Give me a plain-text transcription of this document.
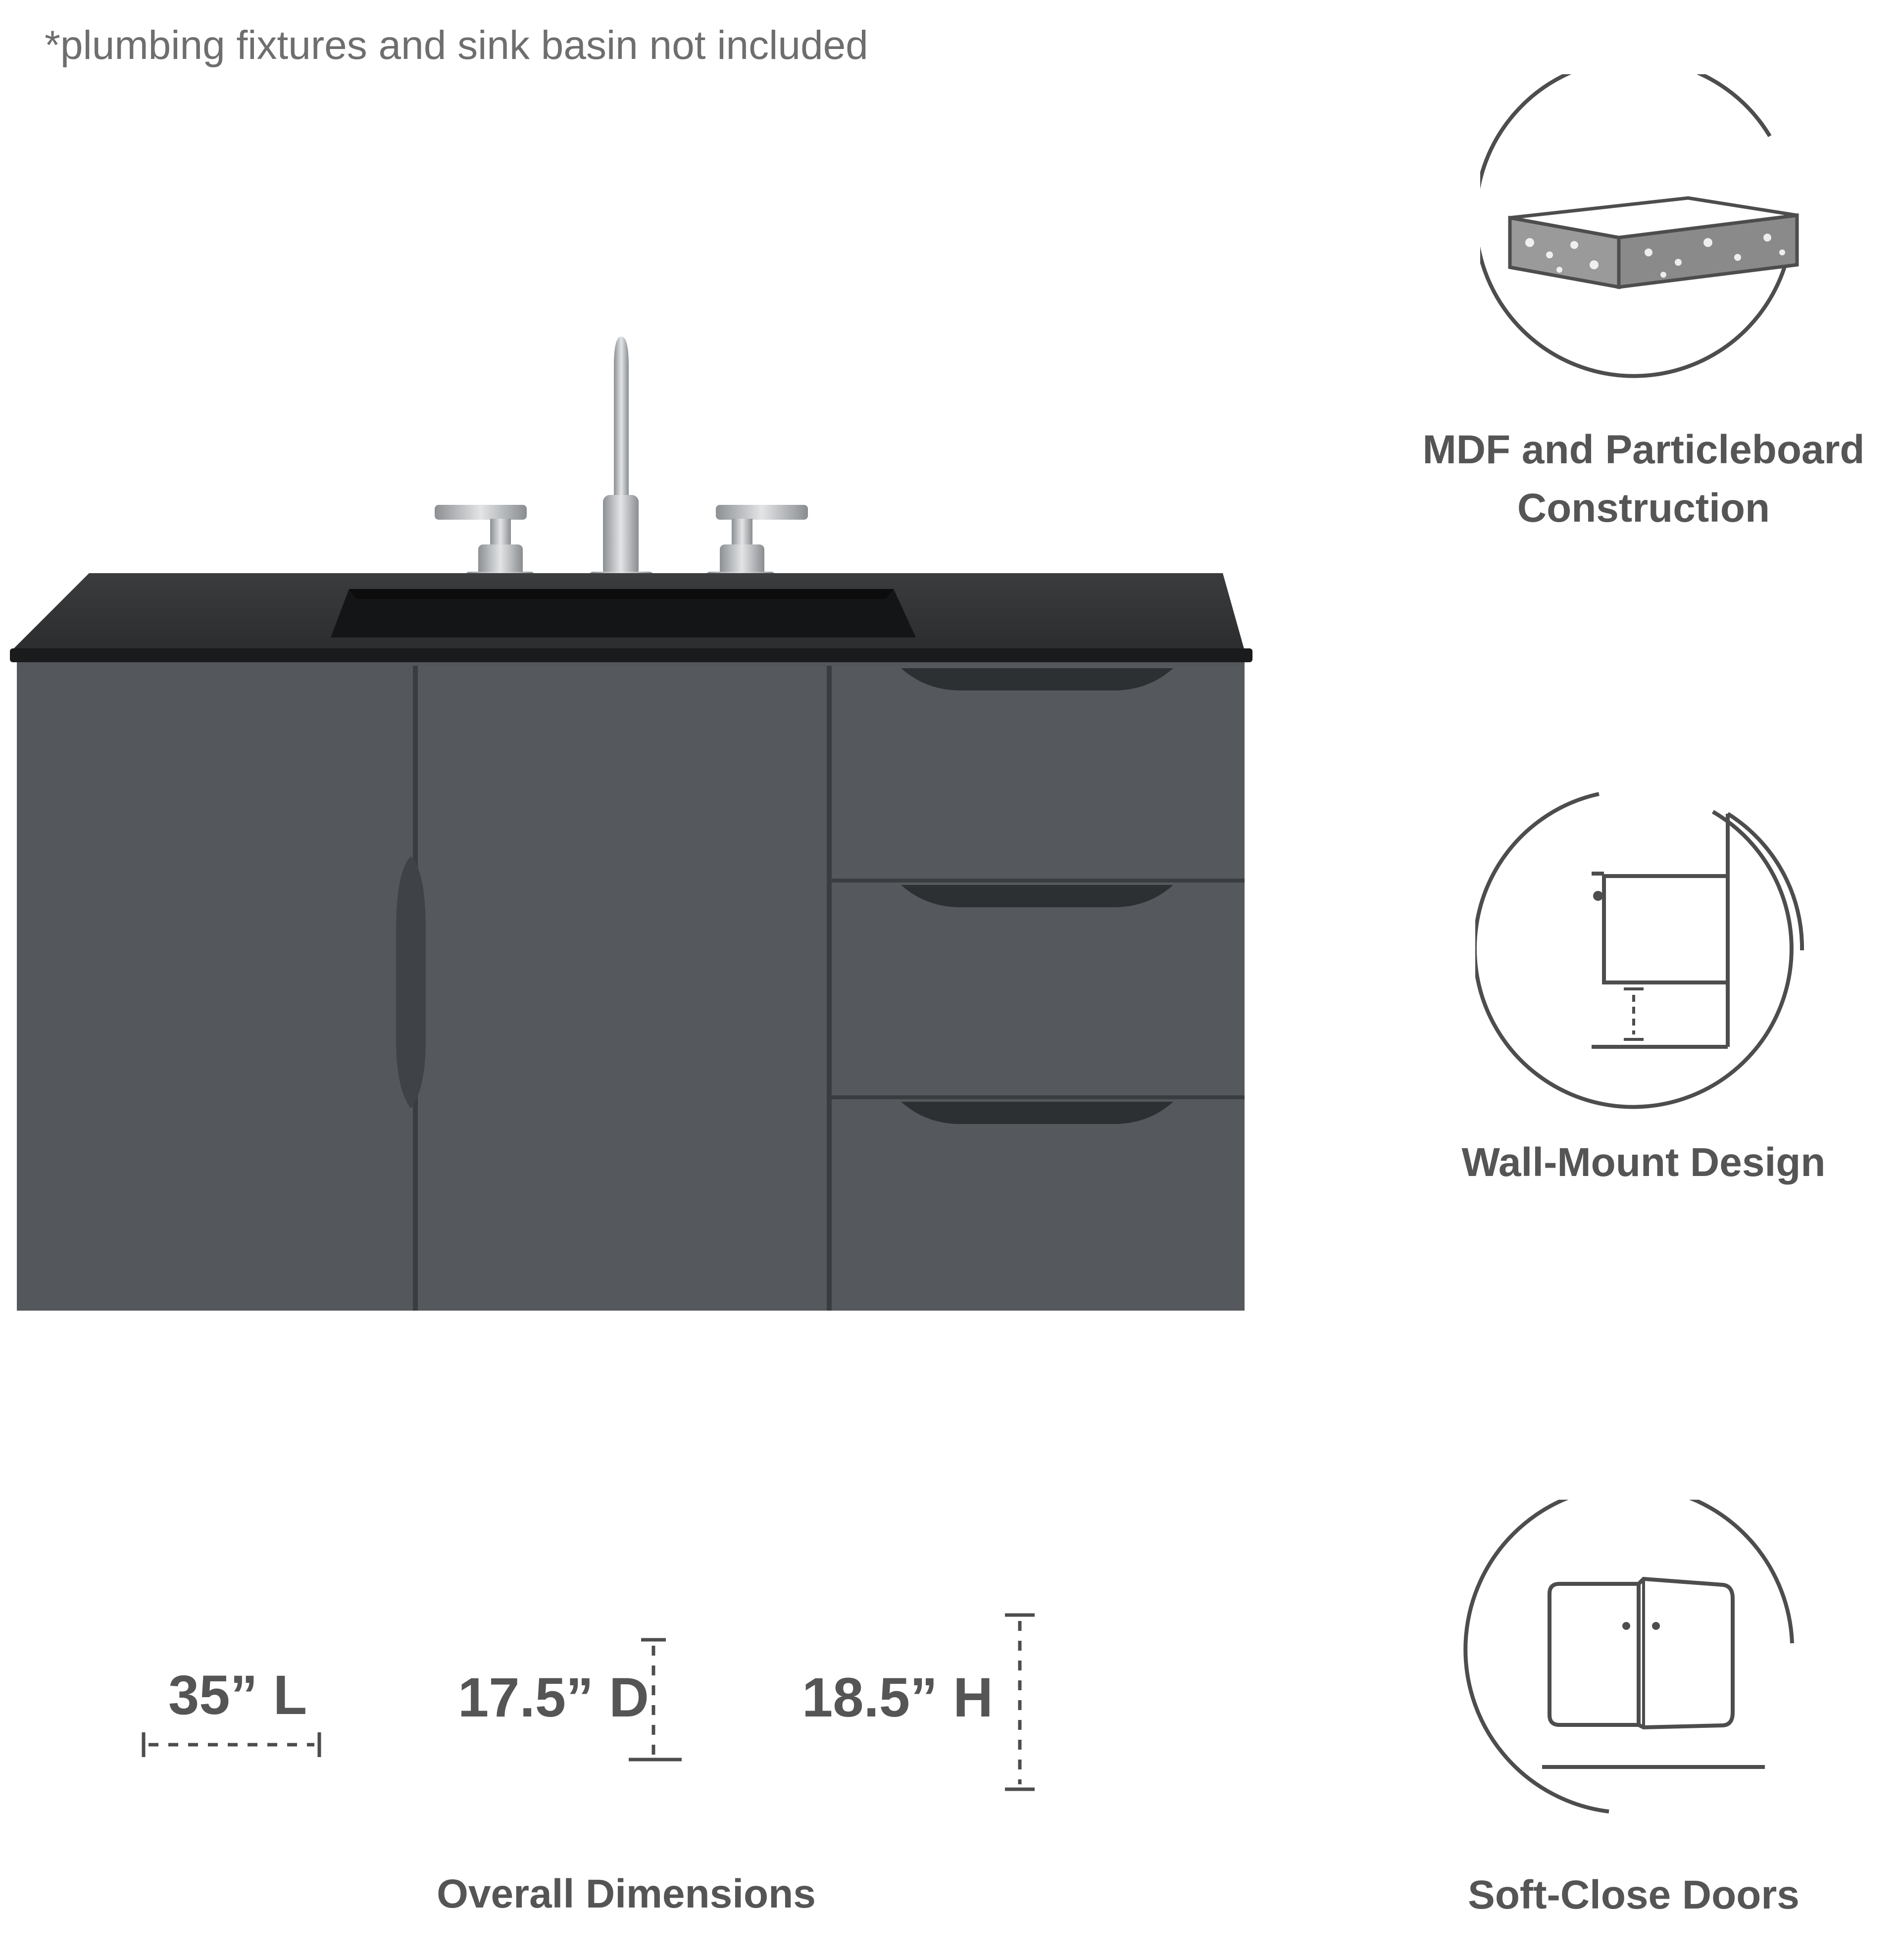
*plumbing fixtures and sink basin not included
MDF and Particleboard
Construction
Wall-Mount Design
Soft-Close Doors
35” L	17.5” D	18.5” H
Overall Dimensions
